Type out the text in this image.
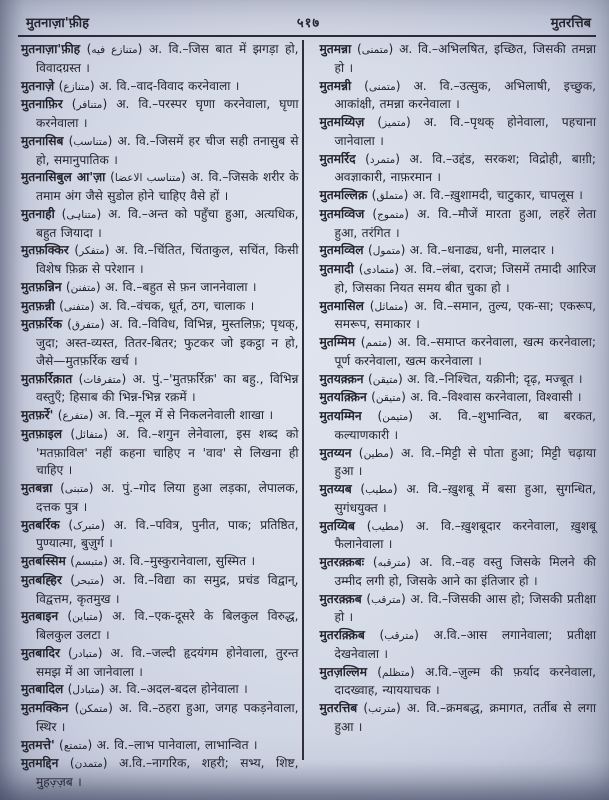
मुतनाज़ा'फ़ीह	५१७	मुतरत्तिब

मुतनाज़ा'फ़ीह (متنازع فیه) अ. वि.–जिस बात में झगड़ा हो, विवादग्रस्त ।

मुतनाज़े (متنازع) अ. वि.–वाद-विवाद करनेवाला ।

मुतनाफ़िर (متنافر) अ. वि.–परस्पर घृणा करनेवाला, घृणा करनेवाला ।

मुतनासिब (متناسب) अ. वि.–जिसमें हर चीज सही तनासुब से हो, समानुपातिक ।

मुतनासिबुल आ'ज़ा (متناسب الاعضا) अ. वि.–जिसके शरीर के तमाम अंग जैसे सुडोल होने चाहिए वैसे हों ।

मुतनाही (متناہی) अ. वि.–अन्त को पहुँचा हुआ, अत्यधिक, बहुत जियादा ।

मुतफ़क्किर (متفکر) अ. वि.–चिंतित, चिंताकुल, सचिंत, किसी विशेष फ़िक्र से परेशान ।

मुतफ़न्निन (متفنن) अ. वि.–बहुत से फ़न जाननेवाला ।

मुतफ़न्नी (متفنی) अ. वि.–वंचक, धूर्त, ठग, चालाक ।

मुतफ़र्रिक (متفرق) अ. वि.–विविध, विभिन्न, मुस्तलिफ़; पृथक्, जुदा; अस्त-व्यस्त, तितर-बितर; फुटकर जो इकट्ठा न हो, जैसे—मुतफ़र्रिक खर्च ।

मुतफ़र्रिक़ात (متفرقات) अ. पुं.–'मुतफ़र्रिक़' का बहु., विभिन्न वस्तुएँ; हिसाब की भिन्न-भिन्न रक़में ।

मुतफ़र्रे' (متفرع) अ. वि.–मूल में से निकलनेवाली शाखा ।

मुतफ़ाइल (متفائل) अ. वि.–शगुन लेनेवाला, इस शब्द को 'मतफ़ाविल' नहीं कहना चाहिए न 'वाव' से लिखना ही चाहिए ।

मुतबन्ना (متبنی) अ. पुं.–गोद लिया हुआ लड़का, लेपालक, दत्तक पुत्र ।

मुतबर्रिक (متبرک) अ. वि.–पवित्र, पुनीत, पाक; प्रतिष्ठित, पुण्यात्मा, बुज़ुर्ग ।

मुतबस्सिम (متبسم) अ. वि.–मुस्कुरानेवाला, सुस्मित ।

मुतबह्हिर (متبحر) अ. वि.–विद्या का समुद्र, प्रचंड विद्वान्, विद्वत्तम, कृतमुख ।

मुतबाइन (متباین) अ. वि.–एक-दूसरे के बिलकुल विरुद्ध, बिलकुल उलटा ।

मुतबादिर (متبادر) अ. वि.–जल्दी हृदयंगम होनेवाला, तुरन्त समझ में आ जानेवाला ।

मुतबादिल (متبادل) अ. वि.–अदल-बदल होनेवाला ।

मुतमक्किन (متمکن) अ. वि.–ठहरा हुआ, जगह पकड़नेवाला, स्थिर ।

मुतमत्ते' (متمتع) अ. वि.–लाभ पानेवाला, लाभान्वित ।

मुतमद्दिन (متمدن) अ.वि.–नागरिक, शहरी; सभ्य, शिष्ट, मुहज़्ज़ब ।

मुतमन्ना (متمنی) अ. वि.–अभिलषित, इच्छित, जिसकी तमन्ना हो ।

मुतमन्नी (متمنی) अ. वि.–उत्सुक, अभिलाषी, इच्छुक, आकांक्षी, तमन्ना करनेवाला ।

मुतमय्यिज़ (متمیز) अ. वि.–पृथक् होनेवाला, पहचाना जानेवाला ।

मुतमर्रिद (متمرد) अ. वि.–उद्दंड, सरकश; विद्रोही, बाग़ी; अवज्ञाकारी, नाफ़रमान ।

मुतमल्लिक़ (متملق) अ. वि.–ख़ुशामदी, चाटुकार, चापलूस ।

मुतमव्विज (متموج) अ. वि.–मौजें मारता हुआ, लहरें लेता हुआ, तरंगित ।

मुतमव्विल (متمول) अ. वि.–धनाढ्य, धनी, मालदार ।

मुतमादी (متمادی) अ. वि.–लंबा, दराज; जिसमें तमादी आरिज हो, जिसका नियत समय बीत चुका हो ।

मुतमासिल (متماثل) अ. वि.–समान, तुल्य, एक-सा; एकरूप, समरूप, समाकार ।

मुतम्मिम (متمم) अ. वि.–समाप्त करनेवाला, खत्म करनेवाला; पूर्ण करनेवाला, खत्म करनेवाला ।

मुतयक़्क़न (متیقن) अ. वि.–निश्चित, यक़ीनी; दृढ़, मज्बूत ।

मुतयक़्क़िन (متیقن) अ. वि.–विश्वास करनेवाला, विश्वासी ।

मुतयम्मिन (متیمن) अ. वि.–शुभान्वित, बा बरकत, कल्याणकारी ।

मुतय्यन (مطین) अ. वि.–मिट्टी से पोता हुआ; मिट्टी चढ़ाया हुआ ।

मुतय्यब (مطیب) अ. वि.–ख़ुशबू में बसा हुआ, सुगन्धित, सुगंधयुक्त ।

मुतय्यिब (مطیب) अ. वि.–ख़ुशबूदार करनेवाला, ख़ुशबू फैलानेवाला ।

मुतरक़्क़बः (مترقبه) अ. वि.–वह वस्तु जिसके मिलने की उम्मीद लगी हो, जिसके आने का इंतिजार हो ।

मुतरक़्क़ब (مترقب) अ. वि.–जिसकी आस हो; जिसकी प्रतीक्षा हो ।

मुतरक़्क़िब (مترقب) अ.वि.–आस लगानेवाला; प्रतीक्षा देखनेवाला ।

मुतज़ल्लिम (متظلم) अ.वि.–ज़ुल्म की फ़र्याद करनेवाला, दादख्वाह, न्याययाचक ।

मुतरत्तिब (مترتب) अ. वि.–क्रमबद्ध, क्रमागत, तर्तीब से लगा हुआ ।
